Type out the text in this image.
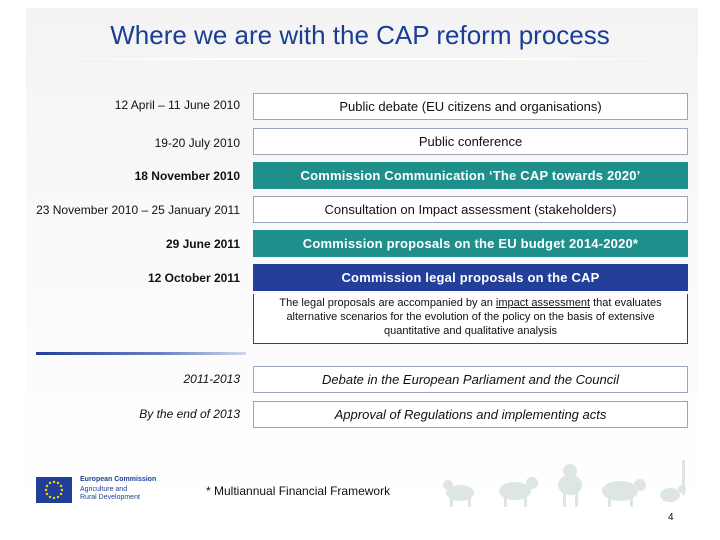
Where we are with the CAP reform process
12 April – 11 June 2010	Public debate (EU citizens and organisations)
19-20 July 2010	Public conference
18 November 2010	Commission Communication ‘The CAP towards 2020’
23 November 2010 – 25 January 2011	Consultation on Impact assessment (stakeholders)
29 June 2011	Commission proposals on the EU budget 2014-2020*
12 October 2011	Commission legal proposals on the CAP
The legal proposals are accompanied by an impact assessment that evaluates alternative scenarios for the evolution of the policy on the basis of extensive quantitative and qualitative analysis
2011-2013	Debate in the European Parliament and the Council
By the end of 2013	Approval of Regulations and implementing acts
European Commission
Agriculture and
Rural Development	* Multiannual Financial Framework
4
